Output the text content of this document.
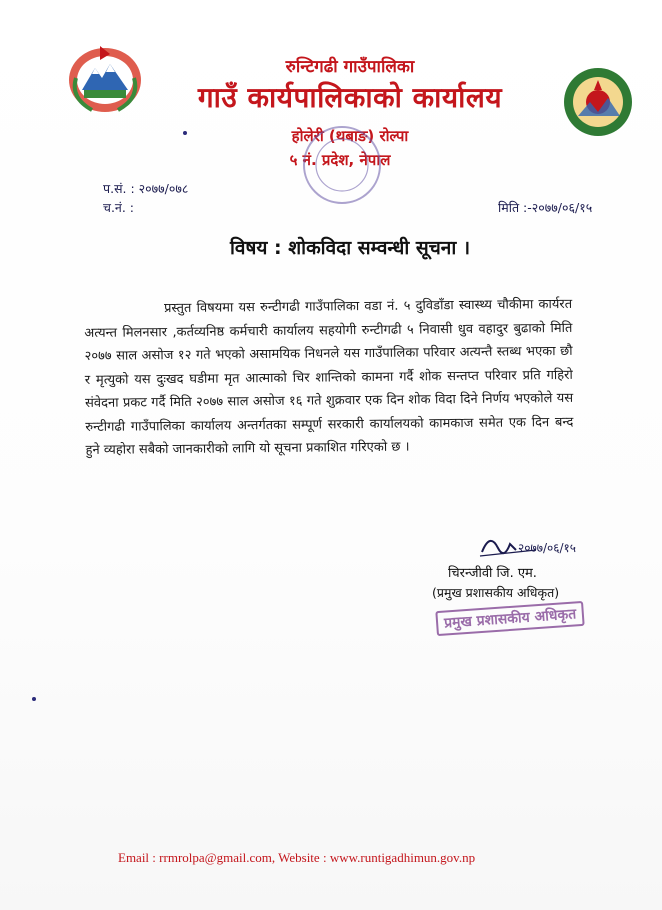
रुन्टिगढी गाउँपालिका
गाउँ कार्यपालिकाको कार्यालय
होलेरी (थबाङ) रोल्पा
५ नं. प्रदेश, नेपाल
प.सं. : २०७७/०७८
च.नं. :	मिति :-२०७७/०६/१५
विषय : शोकविदा सम्वन्धी सूचना ।
प्रस्तुत विषयमा यस रुन्टीगढी गाउँपालिका वडा नं. ५ दुविडाँडा स्वास्थ्य चौकीमा कार्यरत अत्यन्त मिलनसार ,कर्तव्यनिष्ठ कर्मचारी कार्यालय सहयोगी रुन्टीगढी ५ निवासी धुव वहादुर बुढाको मिति २०७७ साल असोज १२ गते भएको असामयिक निधनले यस गाउँपालिका परिवार अत्यन्तै स्तब्ध भएका छौ र मृत्युको यस दुःखद घडीमा मृत आत्माको चिर शान्तिको कामना गर्दै शोक सन्तप्त परिवार प्रति गहिरो संवेदना प्रकट गर्दै मिति २०७७ साल असोज १६ गते शुक्रवार एक दिन शोक विदा दिने निर्णय भएकोले यस रुन्टीगढी गाउँपालिका कार्यालय अन्तर्गतका सम्पूर्ण सरकारी कार्यालयको कामकाज समेत एक दिन बन्द हुने व्यहोरा सबैको जानकारीको लागि यो सूचना प्रकाशित गरिएको छ ।
२०७७/०६/१५
चिरन्जीवी जि. एम.
(प्रमुख प्रशासकीय अधिकृत)
प्रमुख प्रशासकीय अधिकृत
Email : rrmrolpa@gmail.com, Website : www.runtigadhimun.gov.np
